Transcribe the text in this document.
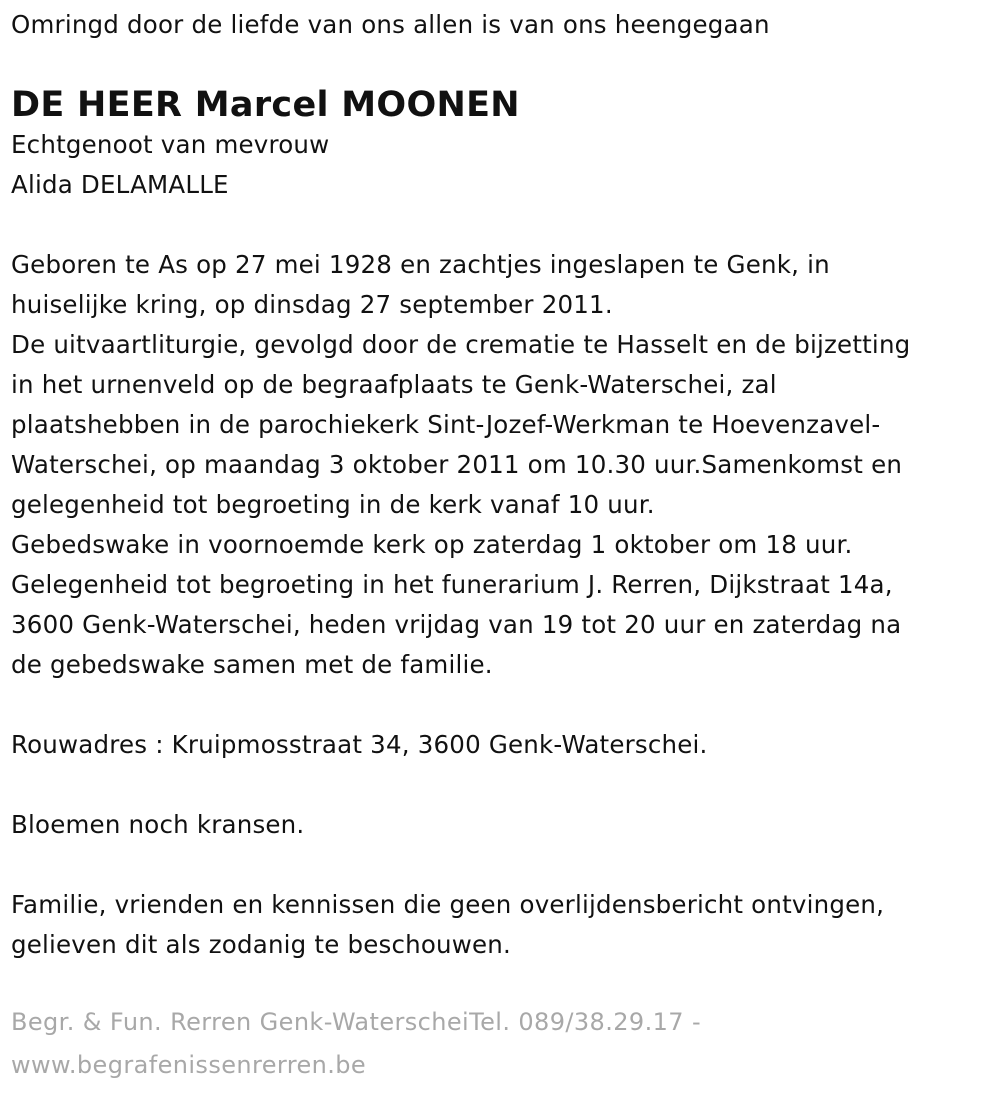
Omringd door de liefde van ons allen is van ons heengegaan
DE HEER Marcel MOONEN
Echtgenoot van mevrouw
Alida DELAMALLE
Geboren te As op 27 mei 1928 en zachtjes ingeslapen te Genk, in
huiselijke kring, op dinsdag 27 september 2011.
De uitvaartliturgie, gevolgd door de crematie te Hasselt en de bijzetting
in het urnenveld op de begraafplaats te Genk-Waterschei, zal
plaatshebben in de parochiekerk Sint-Jozef-Werkman te Hoevenzavel-
Waterschei, op maandag 3 oktober 2011 om 10.30 uur.Samenkomst en
gelegenheid tot begroeting in de kerk vanaf 10 uur.
Gebedswake in voornoemde kerk op zaterdag 1 oktober om 18 uur.
Gelegenheid tot begroeting in het funerarium J. Rerren, Dijkstraat 14a,
3600 Genk-Waterschei, heden vrijdag van 19 tot 20 uur en zaterdag na
de gebedswake samen met de familie.
Rouwadres : Kruipmosstraat 34, 3600 Genk-Waterschei.
Bloemen noch kransen.
Familie, vrienden en kennissen die geen overlijdensbericht ontvingen,
gelieven dit als zodanig te beschouwen.
Begr. & Fun. Rerren Genk-WaterscheiTel. 089/38.29.17 -
www.begrafenissenrerren.be
